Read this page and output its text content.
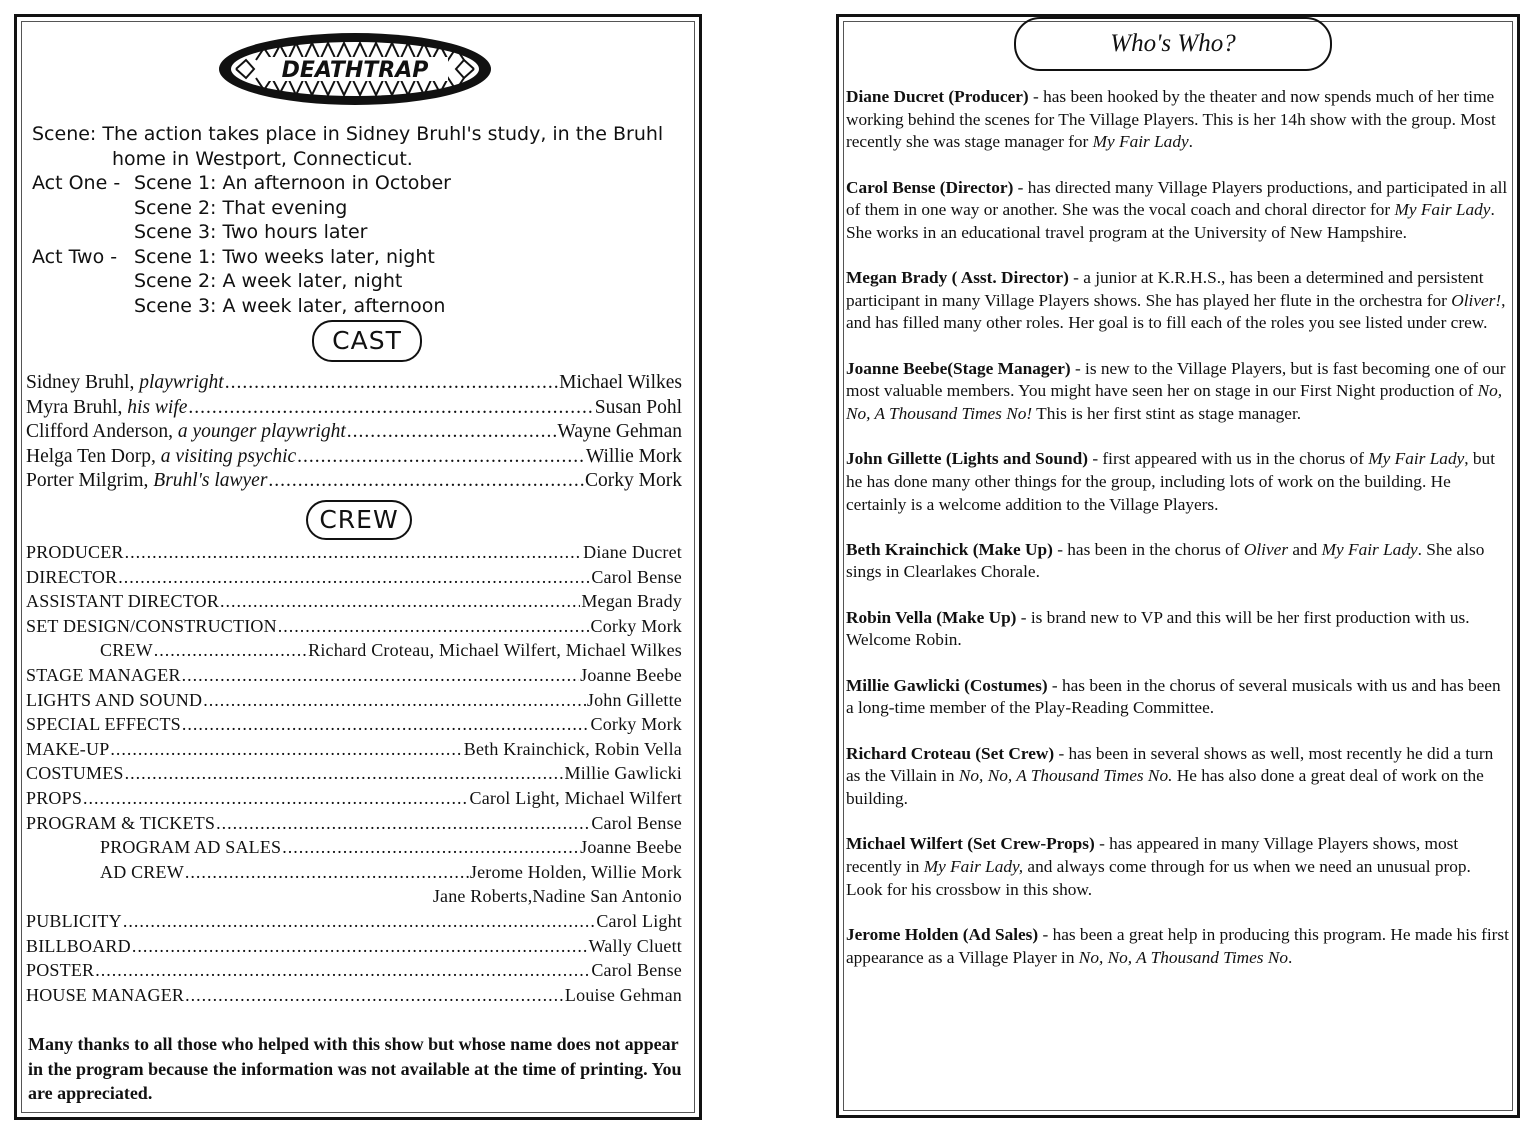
DEATHTRAP
Scene: The action takes place in Sidney Bruhl's study, in the Bruhl
home in Westport, Connecticut.
Act One - Scene 1: An afternoon in October
Scene 2: That evening
Scene 3: Two hours later
Act Two - Scene 1: Two weeks later, night
Scene 2: A week later, night
Scene 3: A week later, afternoon
CAST
Sidney Bruhl,
playwright .....	Michael Wilkes
Myra Bruhl,
his wife .....	Susan Pohl
Clifford Anderson,
a younger playwright .....	Wayne Gehman
Helga Ten Dorp,
a visiting psychic .....	Willie Mork
Porter Milgrim,
Bruhl's lawyer .....	Corky Mork
CREW
PRODUCER .....	Diane Ducret
DIRECTOR .....	Carol Bense
ASSISTANT DIRECTOR .....	Megan Brady
SET DESIGN/CONSTRUCTION .....	Corky Mork
CREW .....	Richard Croteau, Michael Wilfert, Michael Wilkes
STAGE MANAGER .....	Joanne Beebe
LIGHTS AND SOUND .....	John Gillette
SPECIAL EFFECTS .....	Corky Mork
MAKE-UP .....	Beth Krainchick, Robin Vella
COSTUMES .....	Millie Gawlicki
PROPS .....	Carol Light, Michael Wilfert
PROGRAM & TICKETS .....	Carol Bense
PROGRAM AD SALES .....	Joanne Beebe
AD CREW .....	Jerome Holden, Willie Mork
Jane Roberts,Nadine San Antonio
PUBLICITY .....	Carol Light
BILLBOARD .....	Wally Cluett
POSTER .....	Carol Bense
HOUSE MANAGER .....	Louise Gehman
Many thanks to all those who helped with this show but whose name does not appear in the program because the information was not available at the time of printing. You are appreciated.
Who's Who?

Diane Ducret (Producer) - has been hooked by the theater and now spends much of her time working behind the scenes for The Village Players. This is her 14h show with the group. Most recently she was stage manager for My Fair Lady.

Carol Bense (Director) - has directed many Village Players productions, and participated in all of them in one way or another. She was the vocal coach and choral director for My Fair Lady. She works in an educational travel program at the University of New Hampshire.

Megan Brady ( Asst. Director) - a junior at K.R.H.S., has been a determined and persistent participant in many Village Players shows. She has played her flute in the orchestra for Oliver!, and has filled many other roles. Her goal is to fill each of the roles you see listed under crew.

Joanne Beebe(Stage Manager) - is new to the Village Players, but is fast becoming one of our most valuable members. You might have seen her on stage in our First Night production of No, No, A Thousand Times No! This is her first stint as stage manager.

John Gillette (Lights and Sound) - first appeared with us in the chorus of My Fair Lady, but he has done many other things for the group, including lots of work on the building. He certainly is a welcome addition to the Village Players.

Beth Krainchick (Make Up) - has been in the chorus of Oliver and My Fair Lady. She also sings in Clearlakes Chorale.

Robin Vella (Make Up) - is brand new to VP and this will be her first production with us. Welcome Robin.

Millie Gawlicki (Costumes) - has been in the chorus of several musicals with us and has been a long-time member of the Play-Reading Committee.

Richard Croteau (Set Crew) - has been in several shows as well, most recently he did a turn as the Villain in No, No, A Thousand Times No. He has also done a great deal of work on the building.

Michael Wilfert (Set Crew-Props) - has appeared in many Village Players shows, most recently in My Fair Lady, and always come through for us when we need an unusual prop. Look for his crossbow in this show.

Jerome Holden (Ad Sales) - has been a great help in producing this program. He made his first appearance as a Village Player in No, No, A Thousand Times No.
